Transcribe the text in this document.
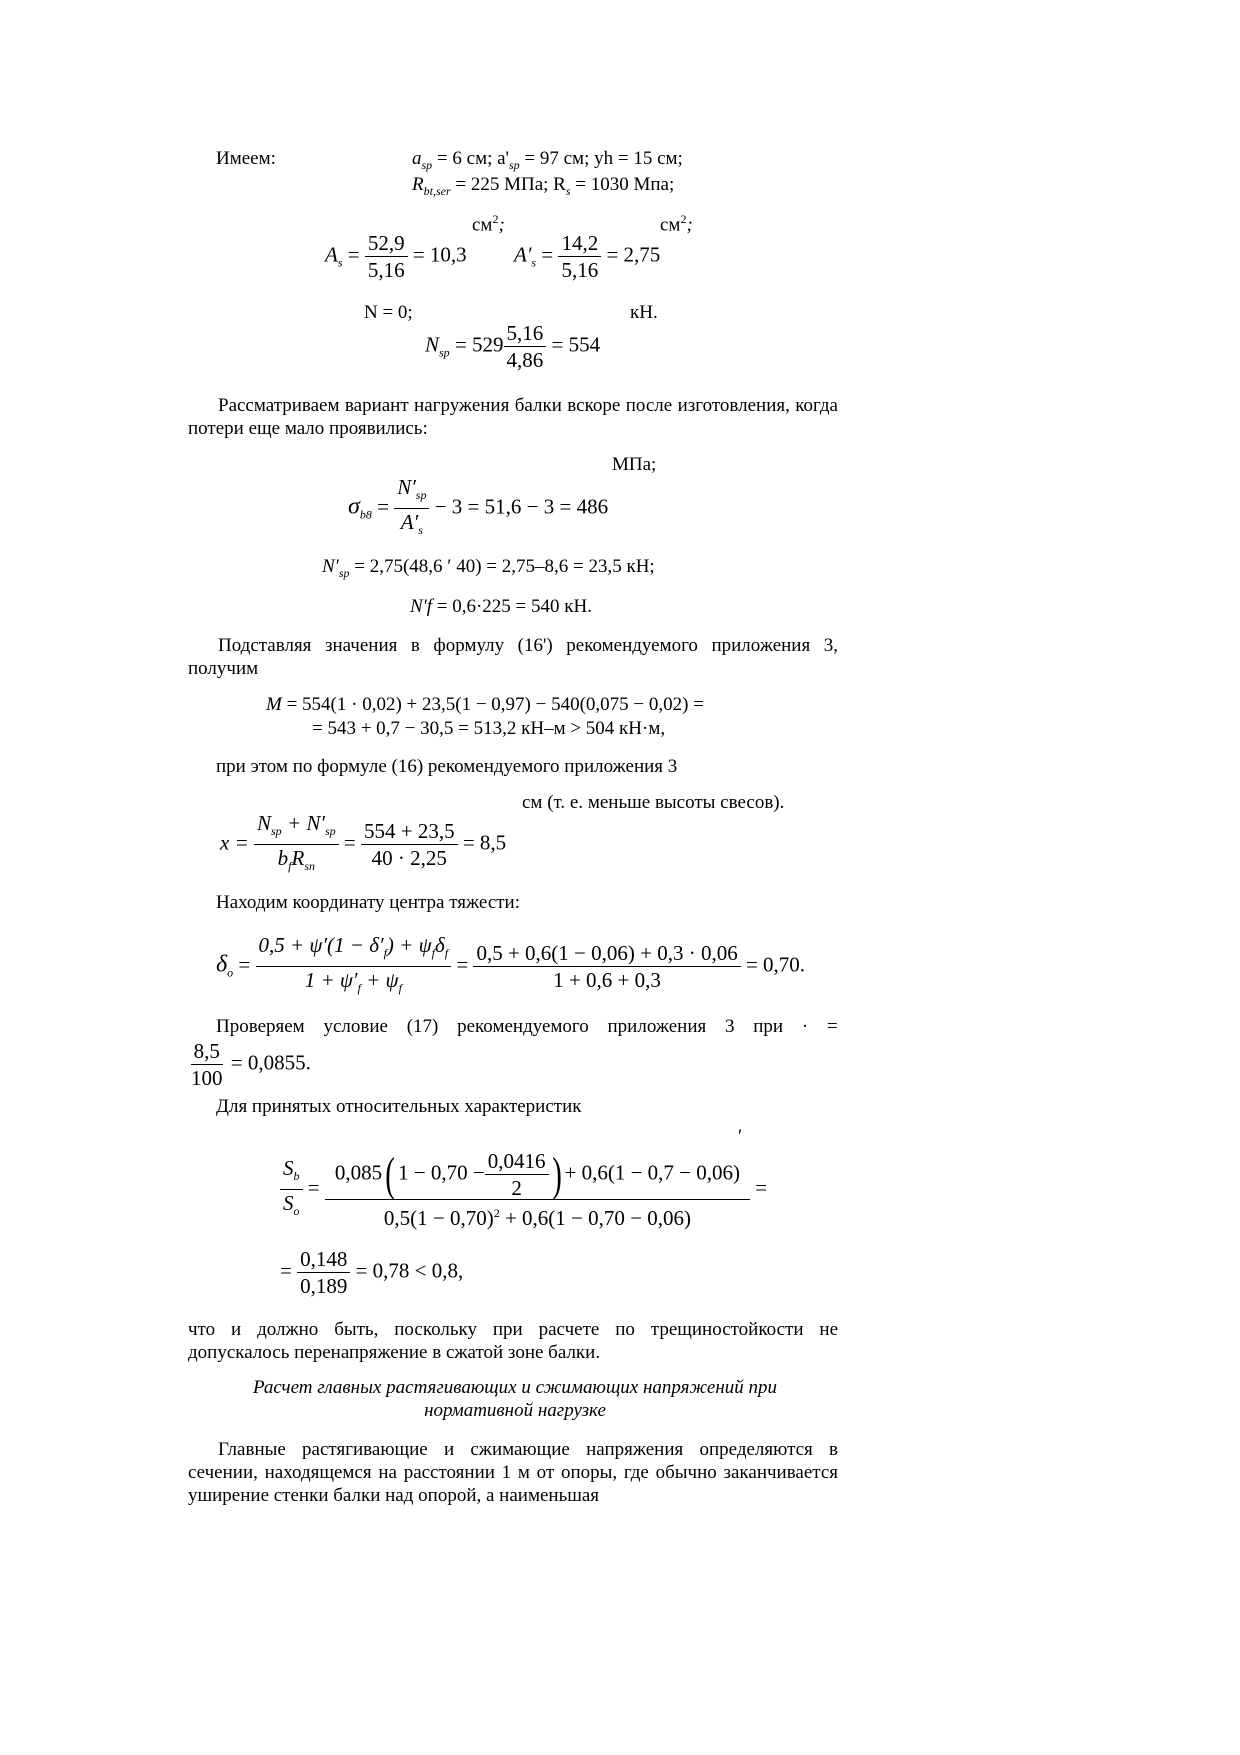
Имеем:	$a_{sp} = 6$ см; $a'_{sp} = 97$ см; yh = 15 см;
$R_{bt,ser} = 225$ МПа; $R_s = 1030$ Мпа;
$см^2$;	$см^2$;
$A_s = \frac{52,9}{5,16} = 10,3$ $A'_s = \frac{14,2}{5,16} = 2,75$
N = 0;	кН.
$N_{sp} = 529 \frac{5,16}{4,86} = 554$
Рассматриваем вариант нагружения балки вскоре после изготовления, когда потери еще мало проявились:
МПа;
$\sigma_{b8} = \frac{N'_{sp}}{A'_s} - 3 = 51,6 - 3 = 486$
$N'_{sp} = 2,75(48,6$ ′ 40) = 2,75–8,6 = 23,5 кН;
N'f = 0,6·225 = 540 кН.
Подставляя значения в формулу (16') рекомендуемого приложения 3, получим
M = 554(1 · 0,02) + 23,5(1 − 0,97) − 540(0,075 − 0,02) =
= 543 + 0,7 − 30,5 = 513,2 кН–м > 504 кН·м,
при этом по формуле (16) рекомендуемого приложения 3
см (т. е. меньше высоты свесов).
$x = \frac{N_{sp} + N'_{sp}}{b_fR_{sn}} = \frac{554 + 23,5}{40 \cdot 2,25} = 8,5$
Находим координату центра тяжести:
$\delta_o = \frac{0,5 + \psi'(1 - \delta'_f) + \psi_f\delta_f}{1 + \psi'_f + \psi_f} = \frac{0,5 + 0,6(1 - 0,06) + 0,3 \cdot 0,06}{1 + 0,6 + 0,3} = 0,70$.
Проверяем условие (17) рекомендуемого приложения 3 при · =
$\frac{8,5}{100} = 0,0855$.
Для принятых относительных характеристик
′
$\frac{S_b}{S_o} = \frac{0,085( 1 - 0,70 - \frac{0,0416}{2} ) + 0,6(1 - 0,7 - 0,06)}{0,5(1 - 0,70)^2 + 0,6(1 - 0,70 - 0,06)}$ =
= $\frac{0,148}{0,189} = 0,78 < 0,8$,
что и должно быть, поскольку при расчете по трещиностойкости не допускалось перенапряжение в сжатой зоне балки.
Расчет главных растягивающих и сжимающих напряжений при нормативной нагрузке
Главные растягивающие и сжимающие напряжения определяются в сечении, находящемся на расстоянии 1 м от опоры, где обычно заканчивается уширение стенки балки над опорой, а наименьшая
